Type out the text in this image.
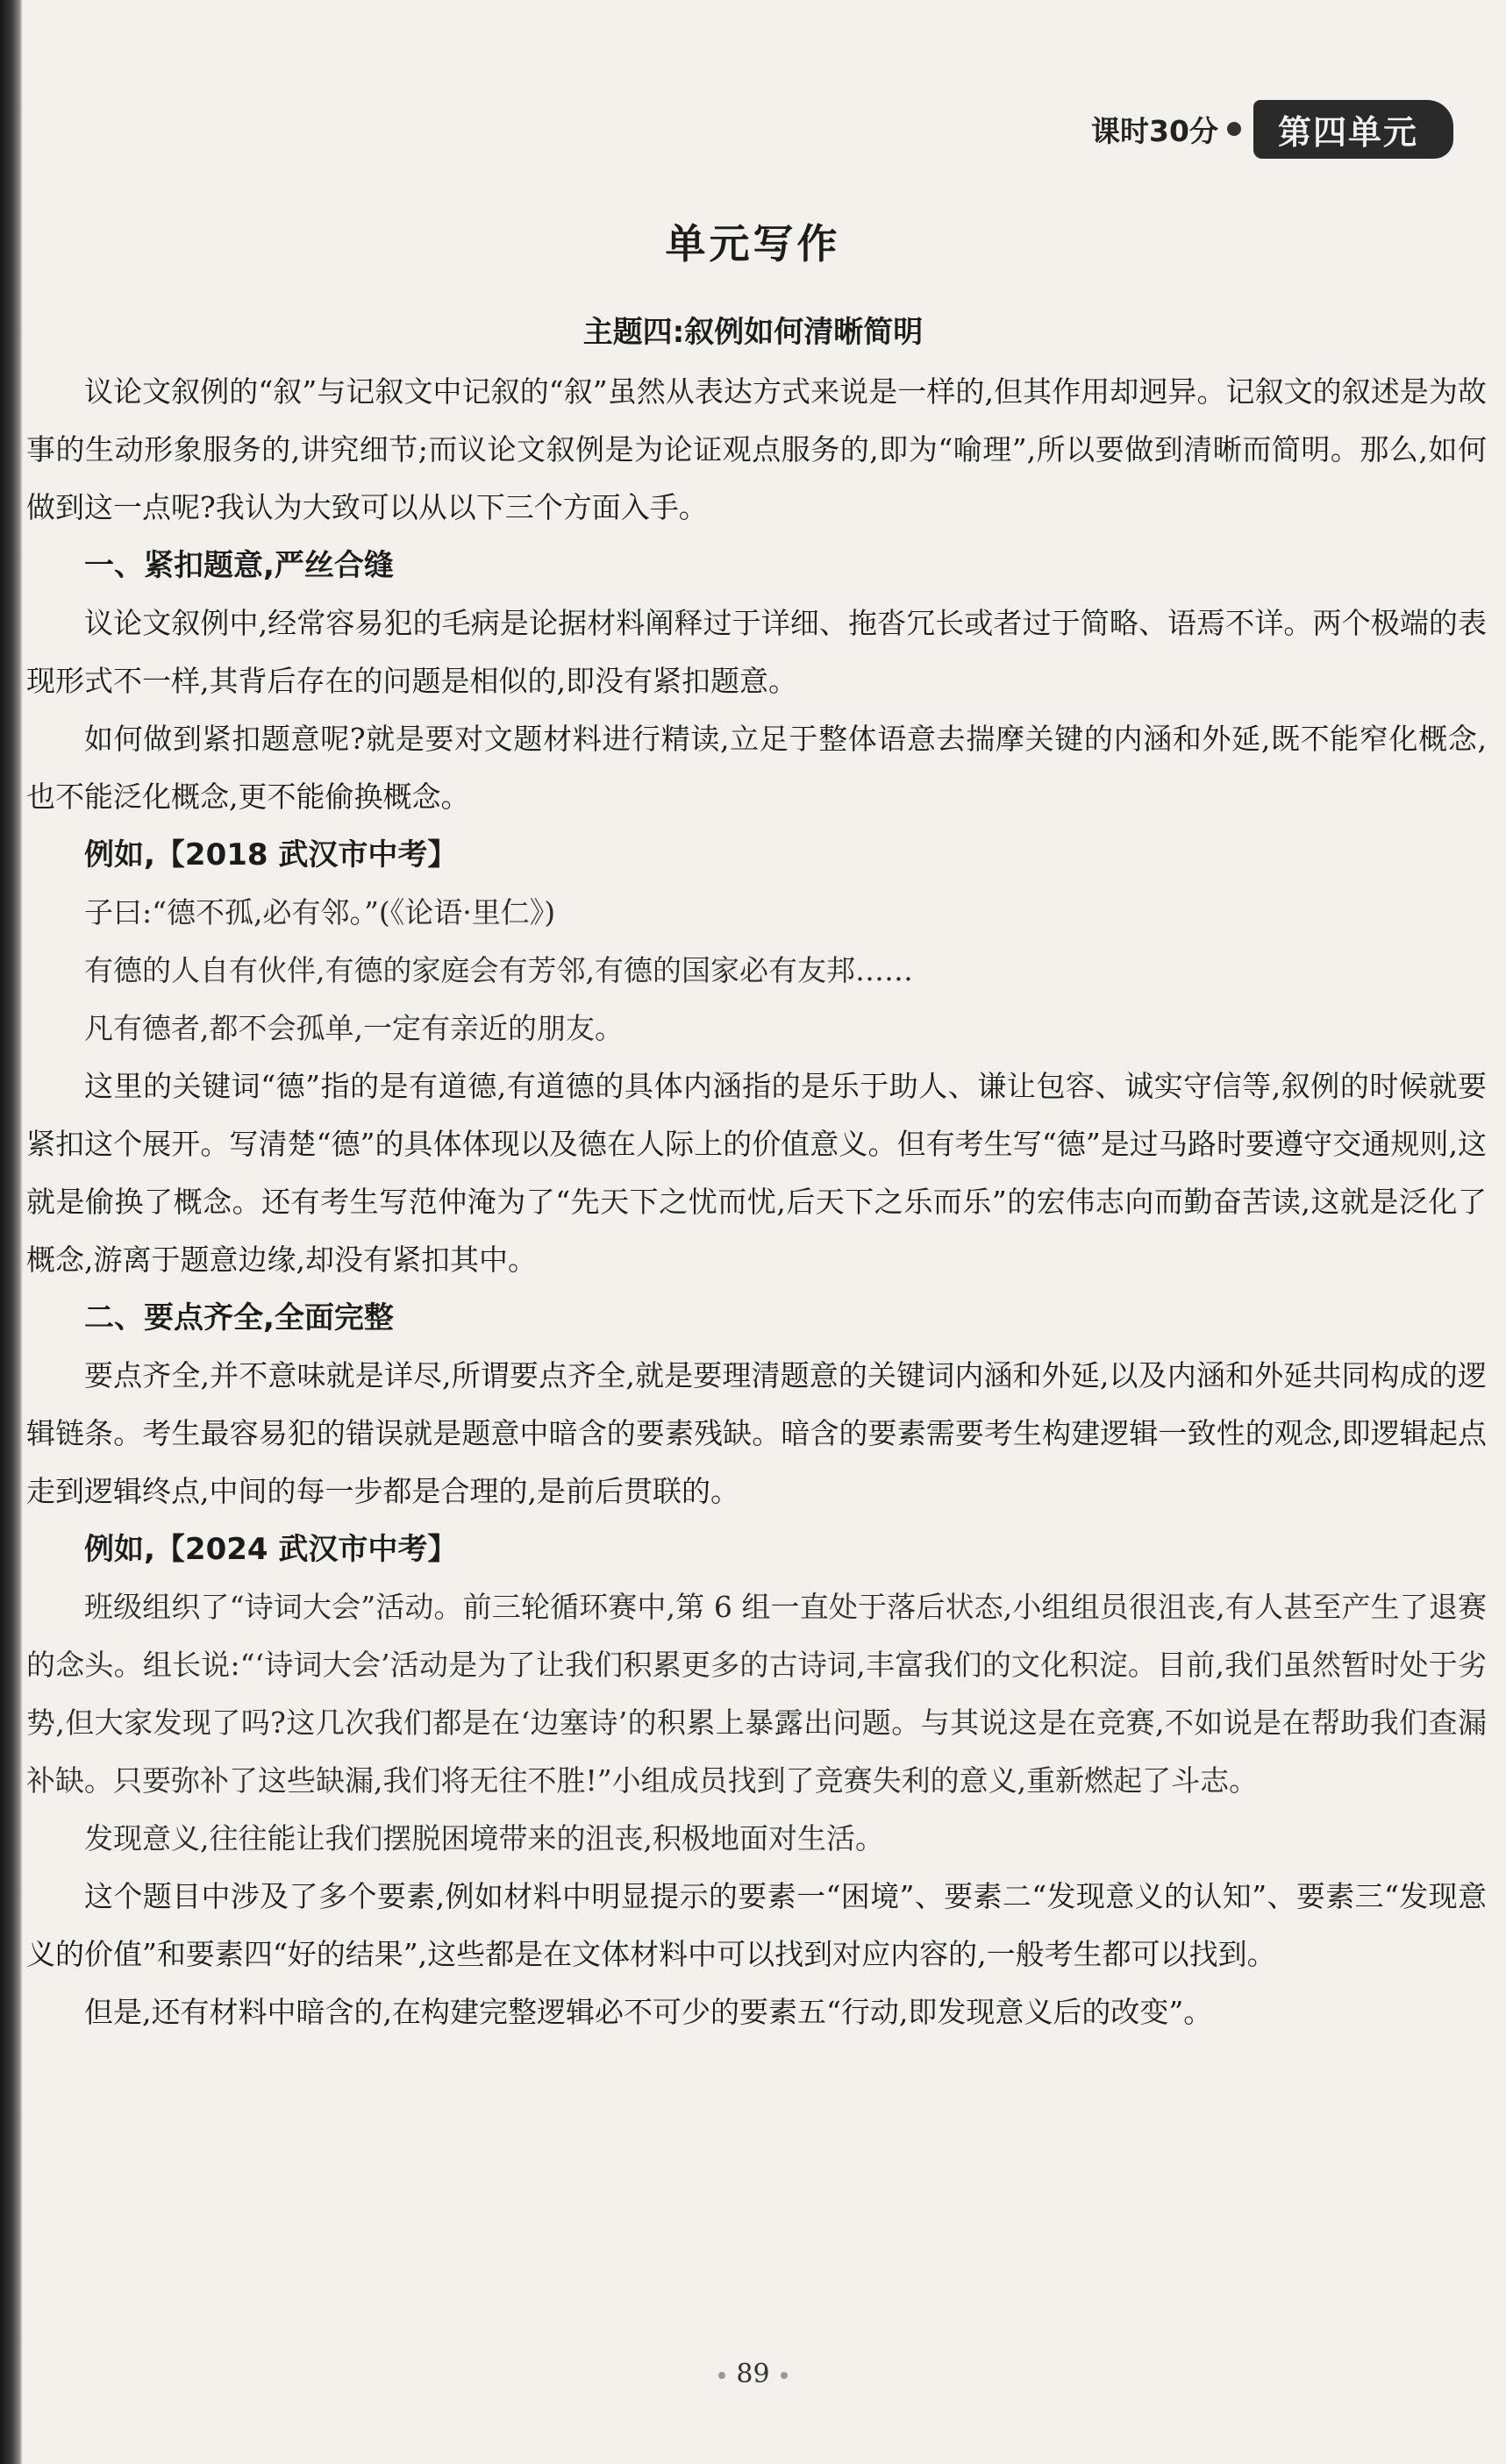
课时30分	第四单元
单元写作
主题四:叙例如何清晰简明

议论文叙例的“叙”与记叙文中记叙的“叙”虽然从表达方式来说是一样的,但其作用却迥异。记叙文的叙述是为故事的生动形象服务的,讲究细节;而议论文叙例是为论证观点服务的,即为“喻理”,所以要做到清晰而简明。那么,如何做到这一点呢?我认为大致可以从以下三个方面入手。

一、紧扣题意,严丝合缝

议论文叙例中,经常容易犯的毛病是论据材料阐释过于详细、拖沓冗长或者过于简略、语焉不详。两个极端的表现形式不一样,其背后存在的问题是相似的,即没有紧扣题意。

如何做到紧扣题意呢?就是要对文题材料进行精读,立足于整体语意去揣摩关键的内涵和外延,既不能窄化概念,也不能泛化概念,更不能偷换概念。

例如,【2018 武汉市中考】

子曰:“德不孤,必有邻。”(《论语·里仁》)

有德的人自有伙伴,有德的家庭会有芳邻,有德的国家必有友邦……

凡有德者,都不会孤单,一定有亲近的朋友。

这里的关键词“德”指的是有道德,有道德的具体内涵指的是乐于助人、谦让包容、诚实守信等,叙例的时候就要紧扣这个展开。写清楚“德”的具体体现以及德在人际上的价值意义。但有考生写“德”是过马路时要遵守交通规则,这就是偷换了概念。还有考生写范仲淹为了“先天下之忧而忧,后天下之乐而乐”的宏伟志向而勤奋苦读,这就是泛化了概念,游离于题意边缘,却没有紧扣其中。

二、要点齐全,全面完整

要点齐全,并不意味就是详尽,所谓要点齐全,就是要理清题意的关键词内涵和外延,以及内涵和外延共同构成的逻辑链条。考生最容易犯的错误就是题意中暗含的要素残缺。暗含的要素需要考生构建逻辑一致性的观念,即逻辑起点走到逻辑终点,中间的每一步都是合理的,是前后贯联的。

例如,【2024 武汉市中考】

班级组织了“诗词大会”活动。前三轮循环赛中,第 6 组一直处于落后状态,小组组员很沮丧,有人甚至产生了退赛的念头。组长说:“‘诗词大会’活动是为了让我们积累更多的古诗词,丰富我们的文化积淀。目前,我们虽然暂时处于劣势,但大家发现了吗?这几次我们都是在‘边塞诗’的积累上暴露出问题。与其说这是在竞赛,不如说是在帮助我们查漏补缺。只要弥补了这些缺漏,我们将无往不胜!”小组成员找到了竞赛失利的意义,重新燃起了斗志。

发现意义,往往能让我们摆脱困境带来的沮丧,积极地面对生活。

这个题目中涉及了多个要素,例如材料中明显提示的要素一“困境”、要素二“发现意义的认知”、要素三“发现意义的价值”和要素四“好的结果”,这些都是在文体材料中可以找到对应内容的,一般考生都可以找到。

但是,还有材料中暗含的,在构建完整逻辑必不可少的要素五“行动,即发现意义后的改变”。

89
